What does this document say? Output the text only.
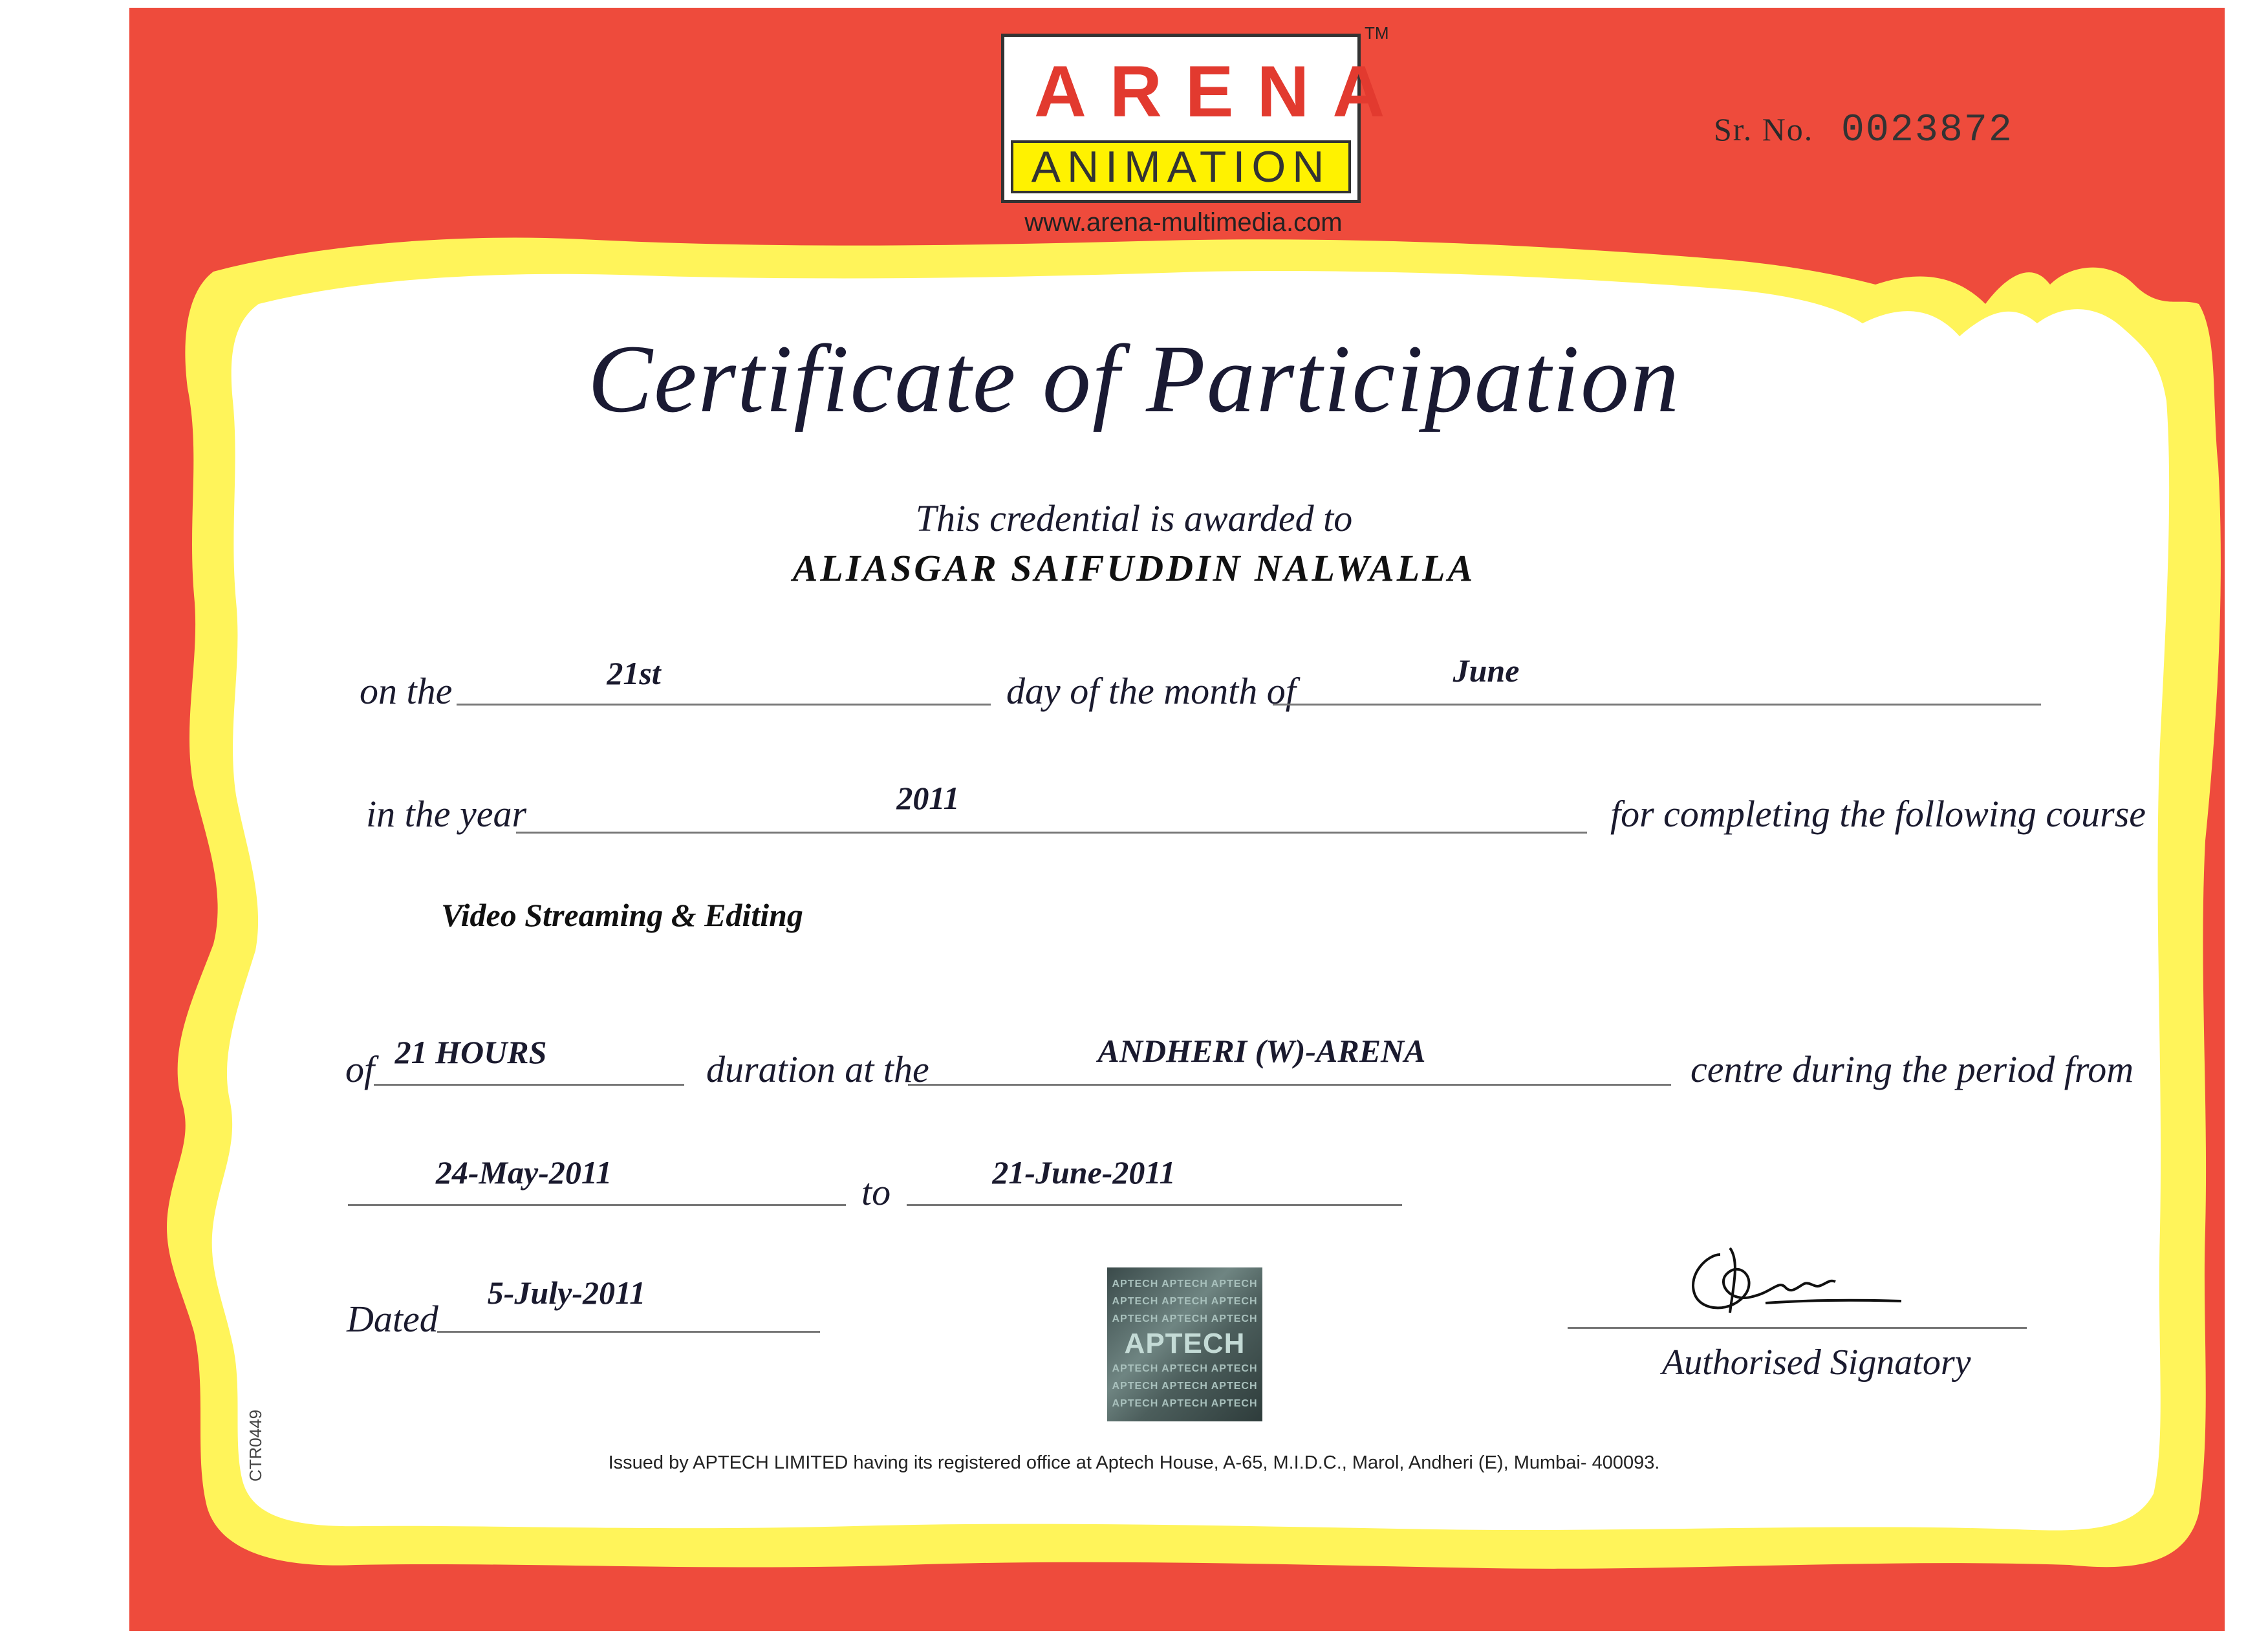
ARENA
ANIMATION
TM
www.arena-multimedia.com
Sr. No. 0023872
Certificate of Participation
This credential is awarded to
ALIASGAR SAIFUDDIN NALWALLA
on the	21st	day of the month of	June
in the year	2011	for completing the following course
Video Streaming & Editing
of 21 HOURS	duration at the	ANDHERI (W)-ARENA	centre during the period from
24-May-2011	to	21-June-2011
Dated
5-July-2011	APTECH APTECH APTECH
APTECH APTECH APTECH
APTECH APTECH APTECH
APTECH
APTECH APTECH APTECH
APTECH APTECH APTECH
APTECH APTECH APTECH
Authorised Signatory
CTR0449	Issued by APTECH LIMITED having its registered office at Aptech House, A-65, M.I.D.C., Marol, Andheri (E), Mumbai- 400093.
